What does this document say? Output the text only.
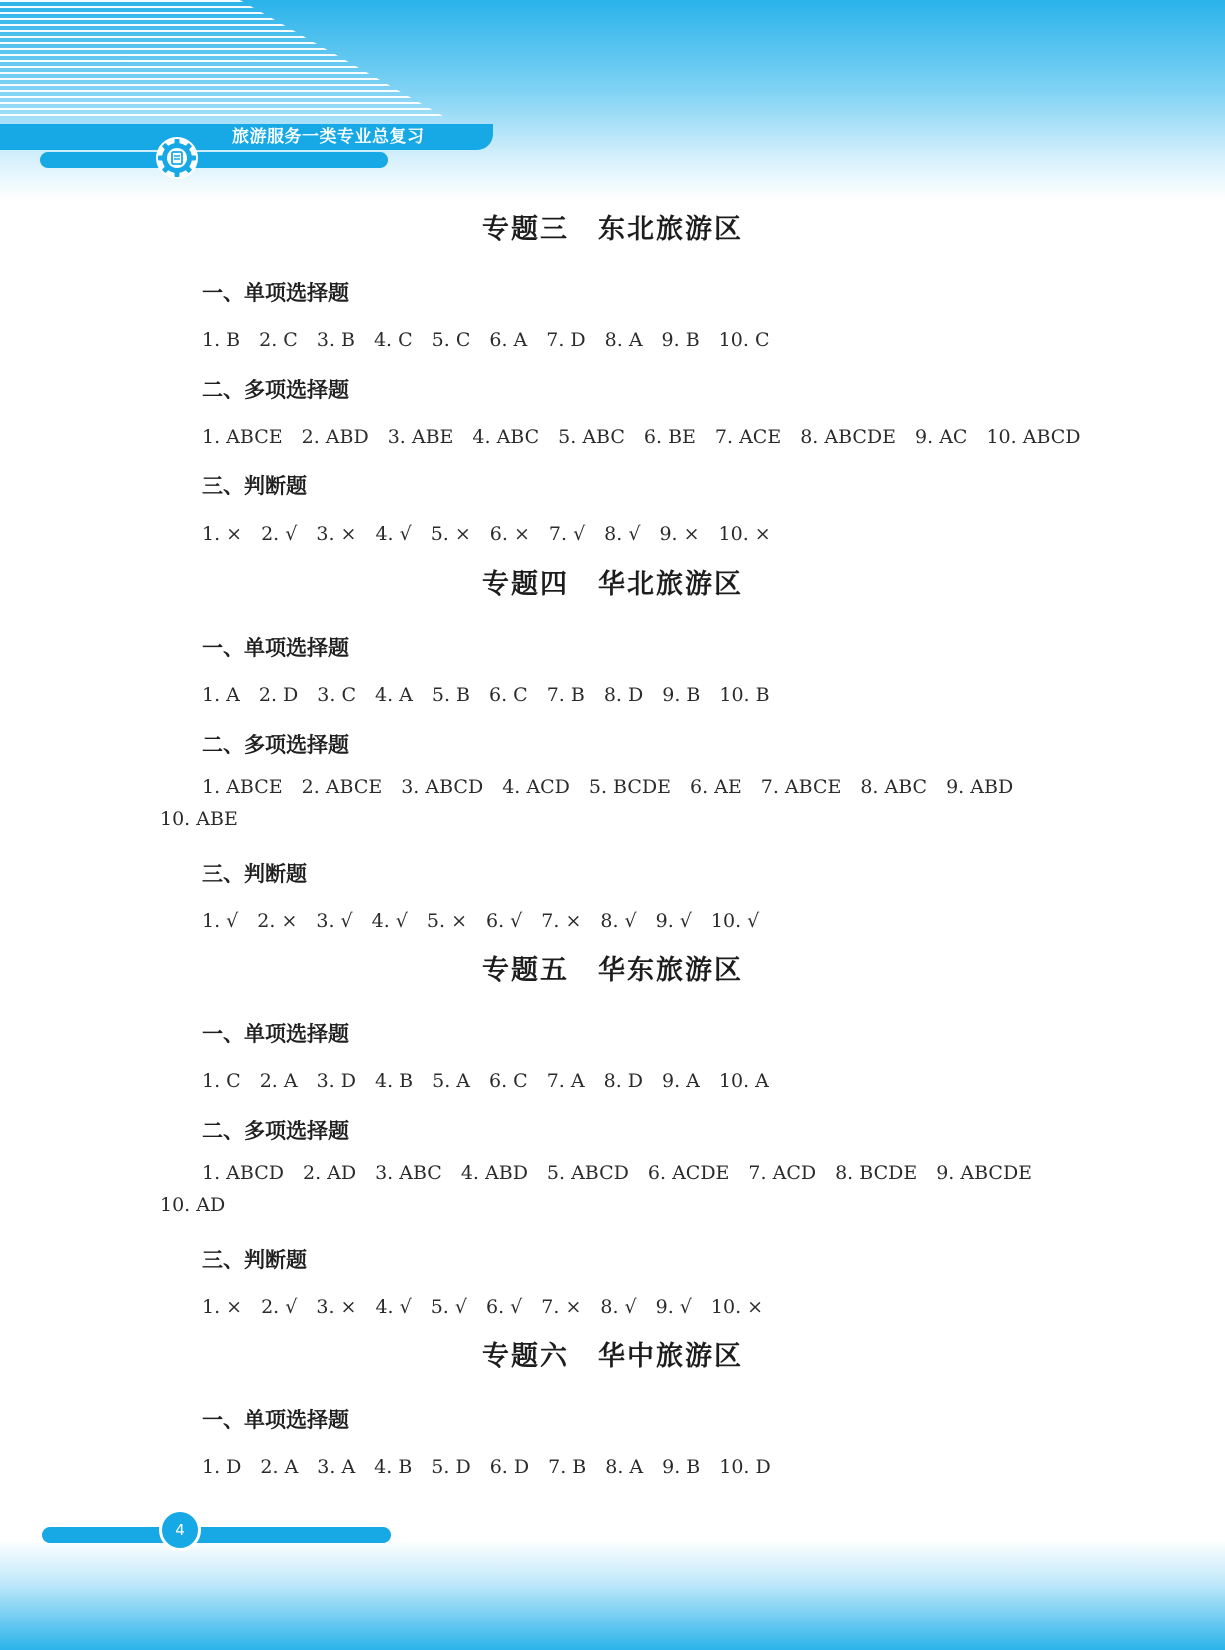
旅游服务一类专业总复习
专题三　东北旅游区
一、单项选择题
1. B　2. C　3. B　4. C　5. C　6. A　7. D　8. A　9. B　10. C
二、多项选择题
1. ABCE　2. ABD　3. ABE　4. ABC　5. ABC　6. BE　7. ACE　8. ABCDE　9. AC　10. ABCD
三、判断题
1. ×　2. √　3. ×　4. √　5. ×　6. ×　7. √　8. √　9. ×　10. ×
专题四　华北旅游区
一、单项选择题
1. A　2. D　3. C　4. A　5. B　6. C　7. B　8. D　9. B　10. B
二、多项选择题
1. ABCE　2. ABCE　3. ABCD　4. ACD　5. BCDE　6. AE　7. ABCE　8. ABC　9. ABD　10. ABE
三、判断题
1. √　2. ×　3. √　4. √　5. ×　6. √　7. ×　8. √　9. √　10. √
专题五　华东旅游区
一、单项选择题
1. C　2. A　3. D　4. B　5. A　6. C　7. A　8. D　9. A　10. A
二、多项选择题
1. ABCD　2. AD　3. ABC　4. ABD　5. ABCD　6. ACDE　7. ACD　8. BCDE　9. ABCDE　10. AD
三、判断题
1. ×　2. √　3. ×　4. √　5. √　6. √　7. ×　8. √　9. √　10. ×
专题六　华中旅游区
一、单项选择题
1. D　2. A　3. A　4. B　5. D　6. D　7. B　8. A　9. B　10. D
4
